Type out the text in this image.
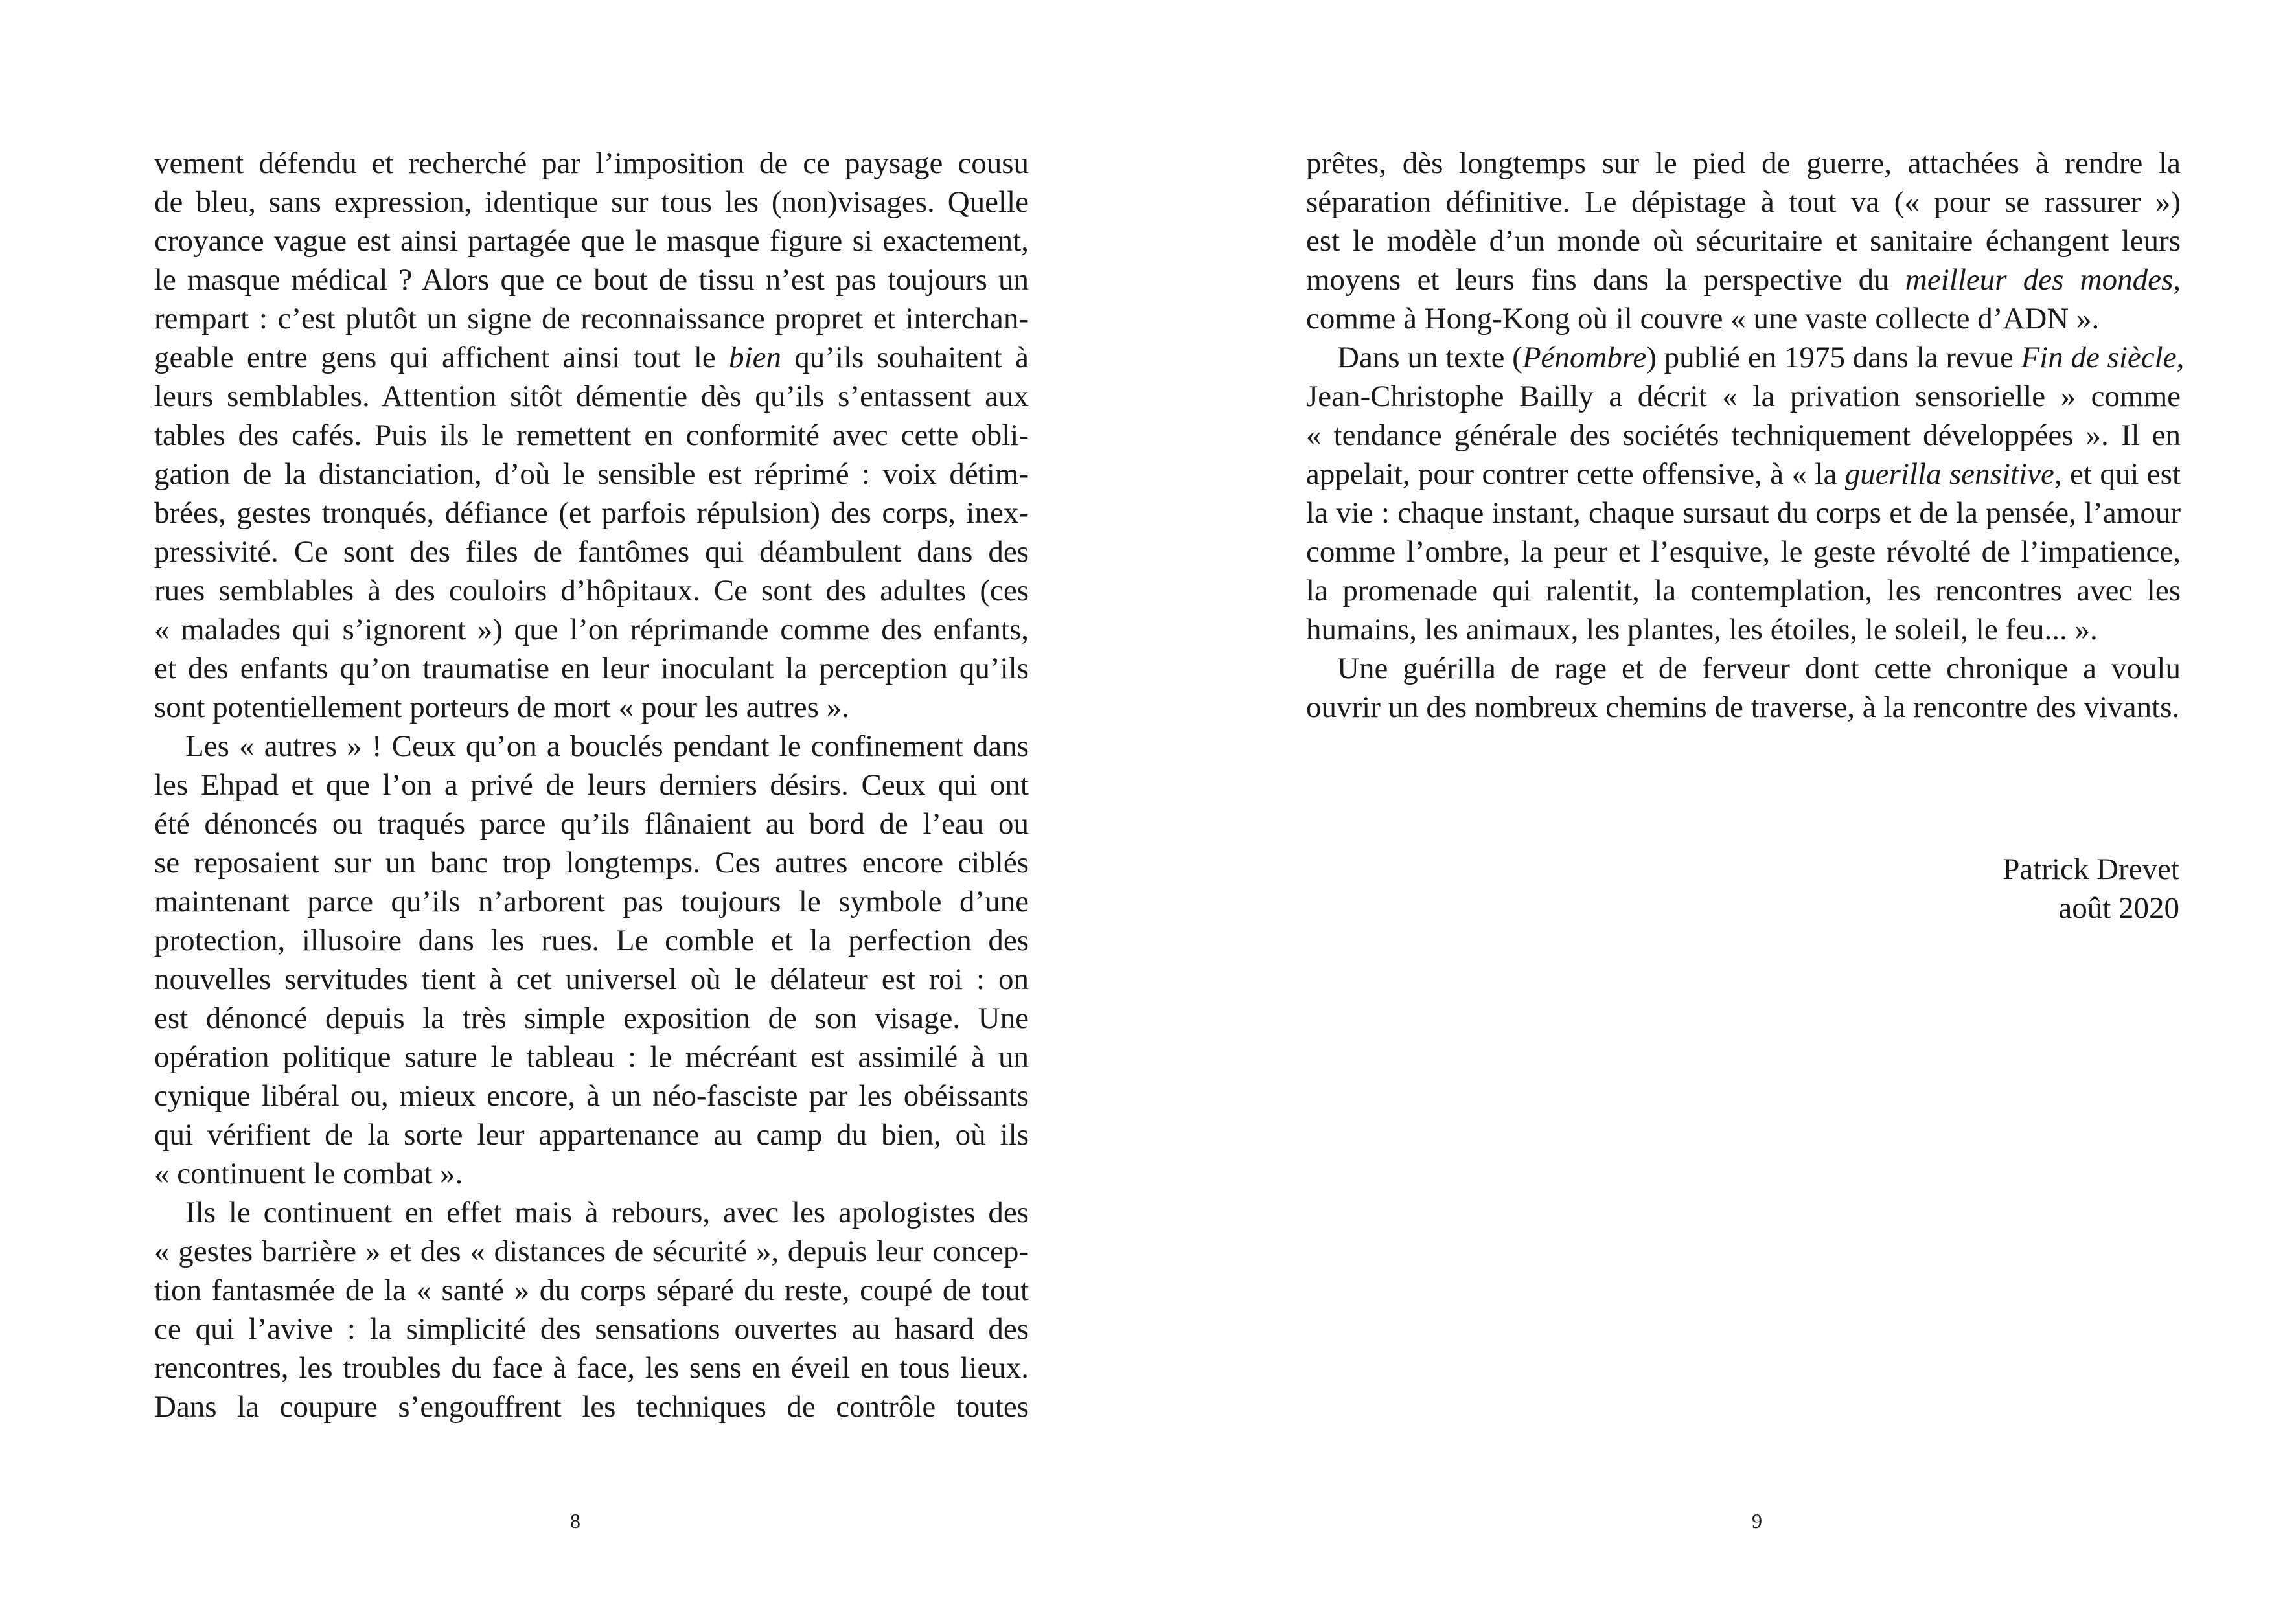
vement défendu et recherché par l’imposition de ce paysage cousu
de bleu, sans expression, identique sur tous les (non)visages. Quelle
croyance vague est ainsi partagée que le masque figure si exactement,
le masque médical ? Alors que ce bout de tissu n’est pas toujours un
rempart : c’est plutôt un signe de reconnaissance propret et interchan-
geable entre gens qui affichent ainsi tout le bien qu’ils souhaitent à
leurs semblables. Attention sitôt démentie dès qu’ils s’entassent aux
tables des cafés. Puis ils le remettent en conformité avec cette obli-
gation de la distanciation, d’où le sensible est réprimé : voix détim-
brées, gestes tronqués, défiance (et parfois répulsion) des corps, inex-
pressivité. Ce sont des files de fantômes qui déambulent dans des
rues semblables à des couloirs d’hôpitaux. Ce sont des adultes (ces
« malades qui s’ignorent ») que l’on réprimande comme des enfants,
et des enfants qu’on traumatise en leur inoculant la perception qu’ils
sont potentiellement porteurs de mort « pour les autres ».
Les « autres » ! Ceux qu’on a bouclés pendant le confinement dans
les Ehpad et que l’on a privé de leurs derniers désirs. Ceux qui ont
été dénoncés ou traqués parce qu’ils flânaient au bord de l’eau ou
se reposaient sur un banc trop longtemps. Ces autres encore ciblés
maintenant parce qu’ils n’arborent pas toujours le symbole d’une
protection, illusoire dans les rues. Le comble et la perfection des
nouvelles servitudes tient à cet universel où le délateur est roi : on
est dénoncé depuis la très simple exposition de son visage. Une
opération politique sature le tableau : le mécréant est assimilé à un
cynique libéral ou, mieux encore, à un néo-fasciste par les obéissants
qui vérifient de la sorte leur appartenance au camp du bien, où ils
« continuent le combat ».
Ils le continuent en effet mais à rebours, avec les apologistes des
« gestes barrière » et des « distances de sécurité », depuis leur concep-
tion fantasmée de la « santé » du corps séparé du reste, coupé de tout
ce qui l’avive : la simplicité des sensations ouvertes au hasard des
rencontres, les troubles du face à face, les sens en éveil en tous lieux.
Dans la coupure s’engouffrent les techniques de contrôle toutes
8
prêtes, dès longtemps sur le pied de guerre, attachées à rendre la
séparation définitive. Le dépistage à tout va (« pour se rassurer »)
est le modèle d’un monde où sécuritaire et sanitaire échangent leurs
moyens et leurs fins dans la perspective du meilleur des mondes,
comme à Hong-Kong où il couvre « une vaste collecte d’ADN ».
Dans un texte (Pénombre) publié en 1975 dans la revue Fin de siècle,
Jean-Christophe Bailly a décrit « la privation sensorielle » comme
« tendance générale des sociétés techniquement développées ». Il en
appelait, pour contrer cette offensive, à « la guerilla sensitive, et qui est
la vie : chaque instant, chaque sursaut du corps et de la pensée, l’amour
comme l’ombre, la peur et l’esquive, le geste révolté de l’impatience,
la promenade qui ralentit, la contemplation, les rencontres avec les
humains, les animaux, les plantes, les étoiles, le soleil, le feu... ».
Une guérilla de rage et de ferveur dont cette chronique a voulu
ouvrir un des nombreux chemins de traverse, à la rencontre des vivants.
Patrick Drevet
août 2020
9
